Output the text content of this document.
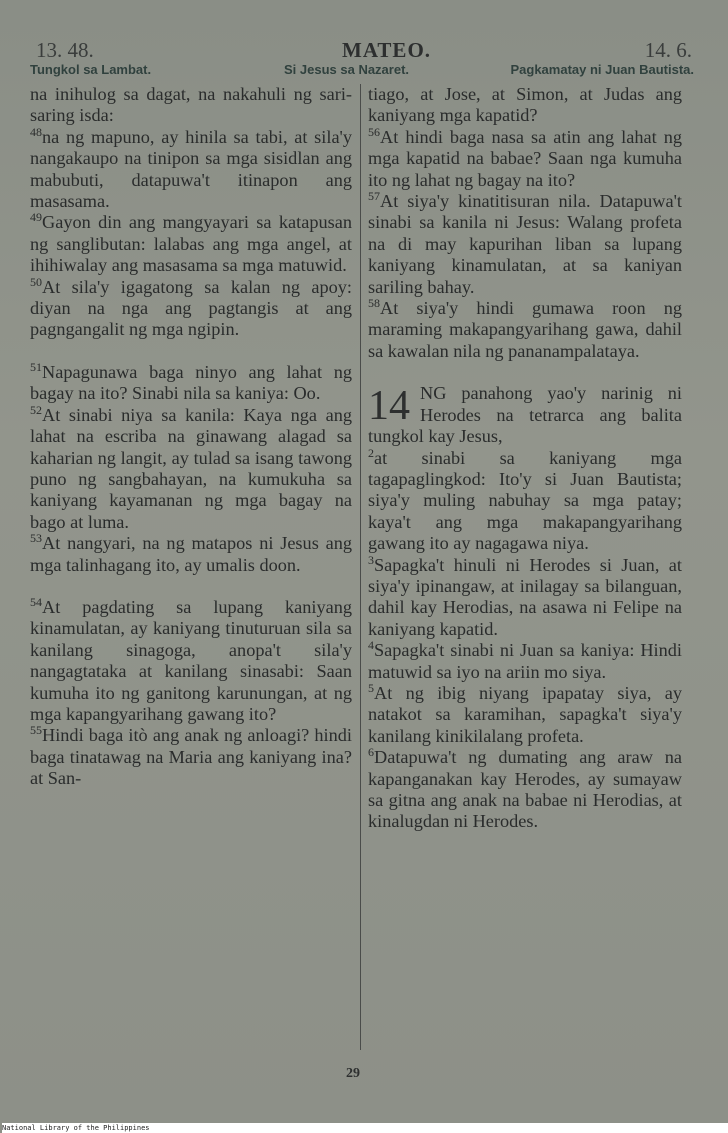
13. 48.	MATEO.	14. 6.
Tungkol sa Lambat.	Si Jesus sa Nazaret.	Pagkamatay ni Juan Bautista.

na inihulog sa dagat, na nakahuli ng sari-saring isda:

$^{48}$na ng mapuno, ay hinila sa tabi, at sila'y nangakaupo na tinipon sa mga sisidlan ang mabubuti, datapuwa't itinapon ang masasama.

$^{49}$Gayon din ang mangyayari sa katapusan ng sanglibutan: lalabas ang mga angel, at ihihiwalay ang masasama sa mga matuwid.

$^{50}$At sila'y igagatong sa kalan ng apoy: diyan na nga ang pagtangis at ang pagngangalit ng mga ngipin.

$^{51}$Napagunawa baga ninyo ang lahat ng bagay na ito? Sinabi nila sa kaniya: Oo.

$^{52}$At sinabi niya sa kanila: Kaya nga ang lahat na escriba na ginawang alagad sa kaharian ng langit, ay tulad sa isang tawong puno ng sangbahayan, na kumukuha sa kaniyang kayamanan ng mga bagay na bago at luma.

$^{53}$At nangyari, na ng matapos ni Jesus ang mga talinhagang ito, ay umalis doon.

$^{54}$At pagdating sa lupang kaniyang kinamulatan, ay kaniyang tinuturuan sila sa kanilang sinagoga, anopa't sila'y nangagtataka at kanilang sinasabi: Saan kumuha ito ng ganitong karunungan, at ng mga kapangyarihang gawang ito?

$^{55}$Hindi baga itò ang anak ng anloagi? hindi baga tinatawag na Maria ang kaniyang ina? at San-

tiago, at Jose, at Simon, at Judas ang kaniyang mga kapatid?

$^{56}$At hindi baga nasa sa atin ang lahat ng mga kapatid na babae? Saan nga kumuha ito ng lahat ng bagay na ito?

$^{57}$At siya'y kinatitisuran nila. Datapuwa't sinabi sa kanila ni Jesus: Walang profeta na di may kapurihan liban sa lupang kaniyang kinamulatan, at sa kaniyan sariling bahay.

$^{58}$At siya'y hindi gumawa roon ng maraming makapangyarihang gawa, dahil sa kawalan nila ng pananampalataya.

14 NG panahong yao'y narinig ni Herodes na tetrarca ang balita tungkol kay Jesus,

$^2$at sinabi sa kaniyang mga tagapaglingkod: Ito'y si Juan Bautista; siya'y muling nabuhay sa mga patay; kaya't ang mga makapangyarihang gawang ito ay nagagawa niya.

$^3$Sapagka't hinuli ni Herodes si Juan, at siya'y ipinangaw, at inilagay sa bilanguan, dahil kay Herodias, na asawa ni Felipe na kaniyang kapatid.

$^4$Sapagka't sinabi ni Juan sa kaniya: Hindi matuwid sa iyo na ariin mo siya.

$^5$At ng ibig niyang ipapatay siya, ay natakot sa karamihan, sapagka't siya'y kanilang kinikilalang profeta.

$^6$Datapuwa't ng dumating ang araw na kapanganakan kay Herodes, ay sumayaw sa gitna ang anak na babae ni Herodias, at kinalugdan ni Herodes.

29
National Library of the Philippines
